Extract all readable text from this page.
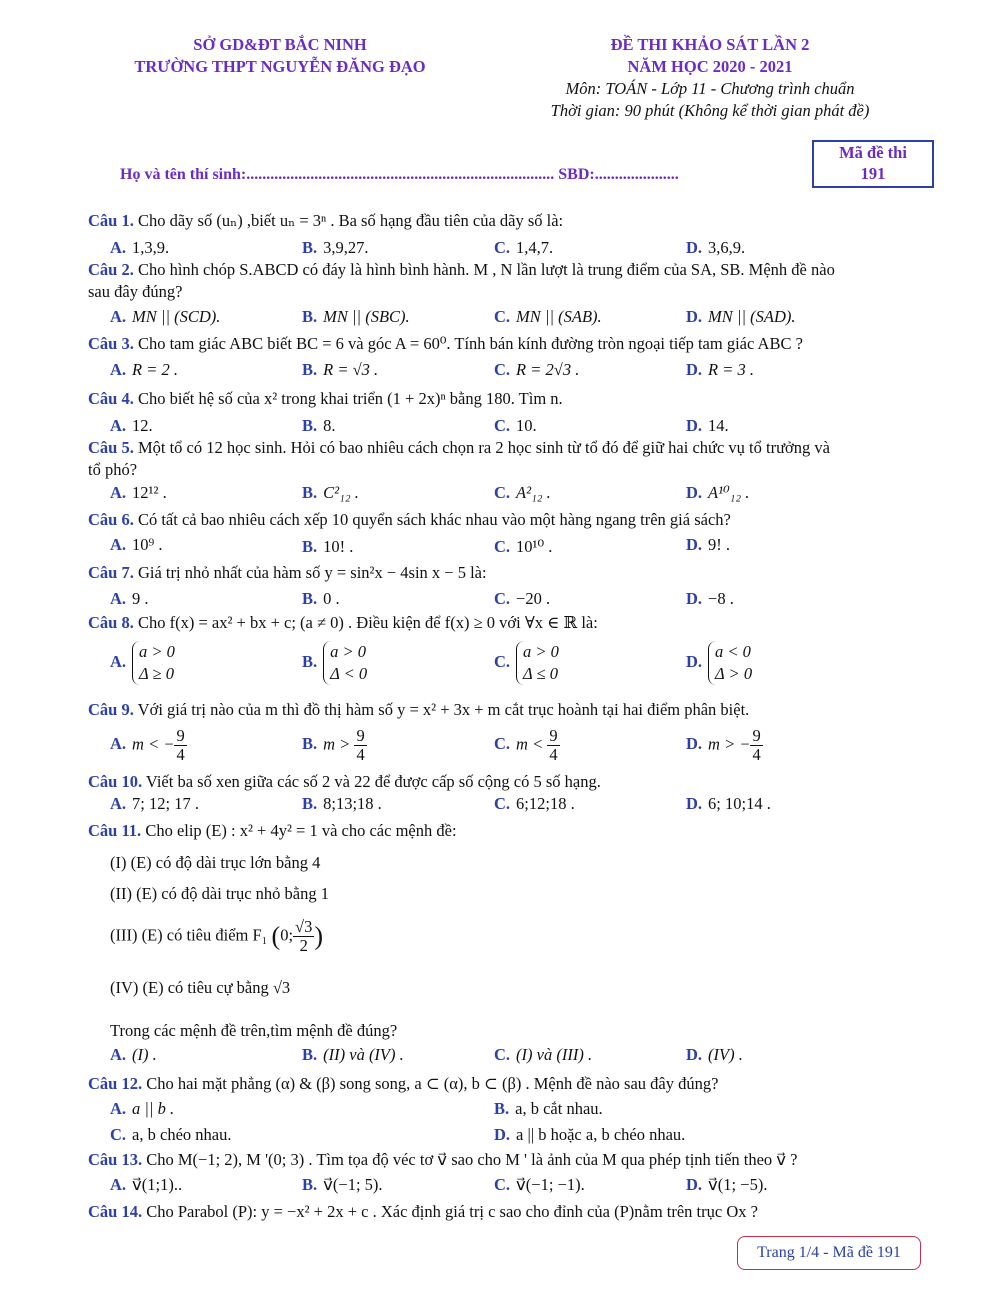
SỞ GD&ĐT BẮC NINH
TRƯỜNG THPT NGUYỄN ĐĂNG ĐẠO
ĐỀ THI KHẢO SÁT LẦN 2
NĂM HỌC 2020 - 2021
Môn: TOÁN - Lớp 11 - Chương trình chuẩn
Thời gian: 90 phút (Không kể thời gian phát đề)
Mã đề thi
191
Họ và tên thí sinh:............................................................................. SBD:.....................
Câu 1. Cho dãy số (uₙ) ,biết uₙ = 3ⁿ . Ba số hạng đầu tiên của dãy số là:
A. 1,3,9.	B. 3,9,27.	C. 1,4,7.	D. 3,6,9.
Câu 2. Cho hình chóp S.ABCD có đáy là hình bình hành. M , N lần lượt là trung điểm của SA, SB. Mệnh đề nào
sau đây đúng?
A. MN || (SCD).	B. MN || (SBC).	C. MN || (SAB).	D. MN || (SAD).
Câu 3. Cho tam giác ABC biết BC = 6 và góc A = 60⁰. Tính bán kính đường tròn ngoại tiếp tam giác ABC ?
A. R = 2 .	B. R = √3 .	C. R = 2√3 .	D. R = 3 .
Câu 4. Cho biết hệ số của x² trong khai triển (1 + 2x)ⁿ bằng 180. Tìm n.
A. 12.	B. 8.	C. 10.	D. 14.
Câu 5. Một tổ có 12 học sinh. Hỏi có bao nhiêu cách chọn ra 2 học sinh từ tổ đó để giữ hai chức vụ tổ trưởng và
tổ phó?
A. 12¹² .	B. C²₁₂ .	C. A²₁₂ .	D. A¹⁰₁₂ .
Câu 6. Có tất cả bao nhiêu cách xếp 10 quyển sách khác nhau vào một hàng ngang trên giá sách?
A. 10⁹ .	B. 10! .	C. 10¹⁰ .	D. 9! .
Câu 7. Giá trị nhỏ nhất của hàm số y = sin²x − 4sin x − 5 là:
A. 9 .	B. 0 .	C. −20 .	D. −8 .
Câu 8. Cho f(x) = ax² + bx + c; (a ≠ 0) . Điều kiện để f(x) ≥ 0 với ∀x ∈ ℝ là:
A.a > 0
Δ ≥ 0
B.a > 0
Δ < 0
C.a > 0
Δ ≤ 0
D.a < 0
Δ > 0
Câu 9. Với giá trị nào của m thì đồ thị hàm số y = x² + 3x + m cắt trục hoành tại hai điểm phân biệt.
A. m < − $\frac{9}{4}$	B. $m > \frac{9}{4}$	C. $m < \frac{9}{4}$	D. m > − $\frac{9}{4}$
Câu 10. Viết ba số xen giữa các số 2 và 22 để được cấp số cộng có 5 số hạng.
A. 7; 12; 17 .	B. 8;13;18 .	C. 6;12;18 .	D. 6; 10;14 .
Câu 11. Cho elip (E) : x² + 4y² = 1 và cho các mệnh đề:
(I) (E) có độ dài trục lớn bằng 4
(II) (E) có độ dài trục nhỏ bằng 1
(III) (E) có tiêu điểm F₁ (0; $\frac{√3}{2}$ )
(IV) (E) có tiêu cự bằng √3
Trong các mệnh đề trên,tìm mệnh đề đúng?
A. (I) .	B. (II) và (IV) .	C. (I) và (III) .	D. (IV) .
Câu 12. Cho hai mặt phẳng (α) & (β) song song, a ⊂ (α), b ⊂ (β) . Mệnh đề nào sau đây đúng?
A. a || b .	B. a, b cắt nhau.
C. a, b chéo nhau.	D. a || b hoặc a, b chéo nhau.
Câu 13. Cho M(−1; 2), M '(0; 3) . Tìm tọa độ véc tơ v⃗ sao cho M ' là ảnh của M qua phép tịnh tiến theo v⃗ ?
A. v⃗(1;1)..	B. v⃗(−1; 5).	C. v⃗(−1; −1).	D. v⃗(1; −5).
Câu 14. Cho Parabol (P): y = −x² + 2x + c . Xác định giá trị c sao cho đỉnh của (P)nằm trên trục Ox ?
Trang 1/4 - Mã đề 191
